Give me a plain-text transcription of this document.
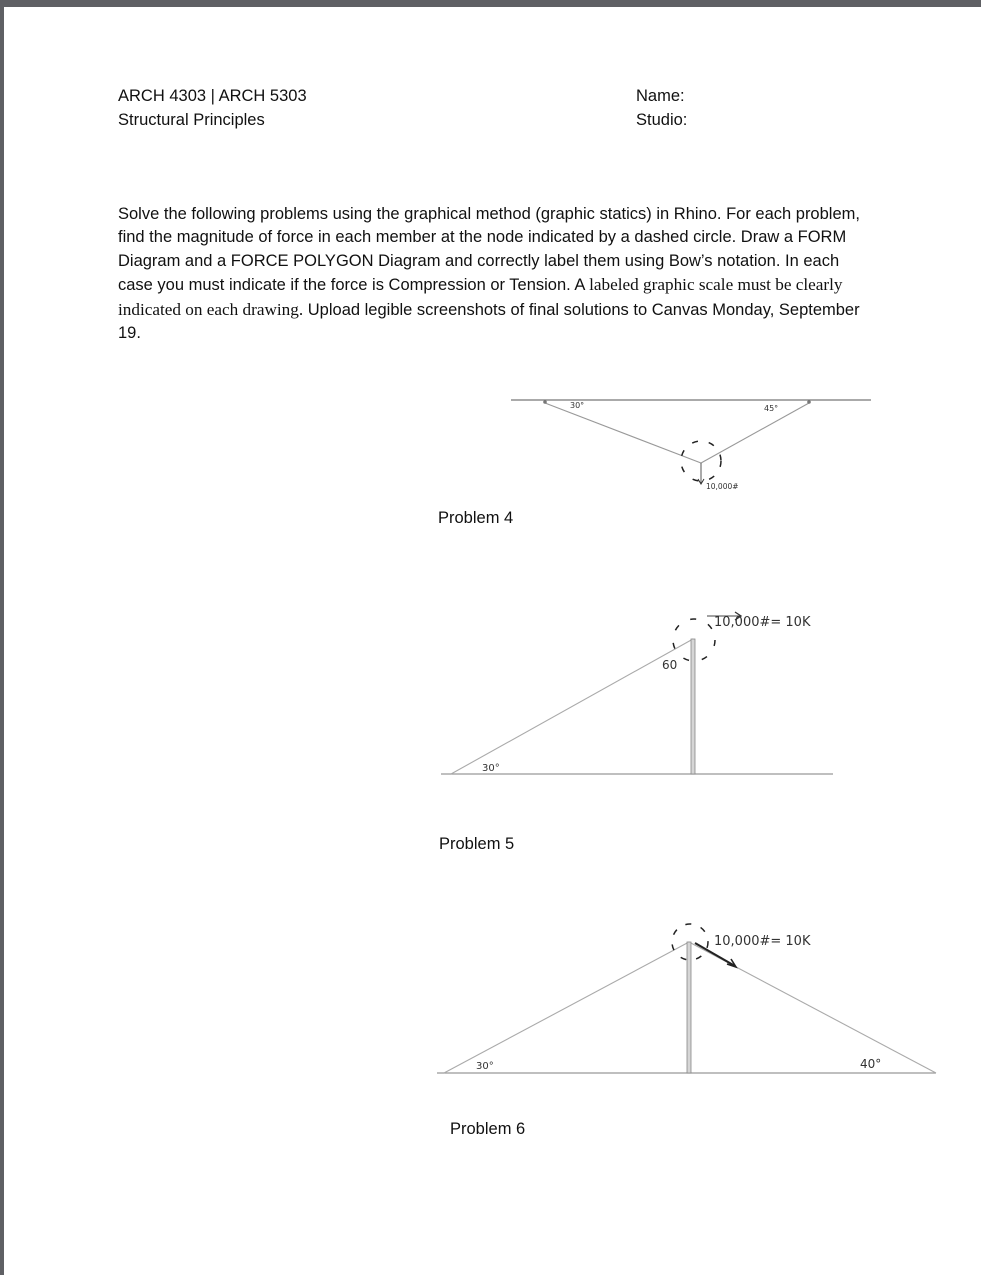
ARCH 4303 | ARCH 5303
Structural Principles
Name:
Studio:
Solve the following problems using the graphical method (graphic statics) in Rhino. For each problem, find the magnitude of force in each member at the node indicated by a dashed circle. Draw a FORM Diagram and a FORCE POLYGON Diagram and correctly label them using Bow’s notation. In each case you must indicate if the force is Compression or Tension. A labeled graphic scale must be clearly indicated on each drawing. Upload legible screenshots of final solutions to Canvas Monday, September 19.
Problem 4
Problem 5
Problem 6
30°	45°
10,000#
60
30°
10,000#= 10K
30°	40°
10,000#= 10K
